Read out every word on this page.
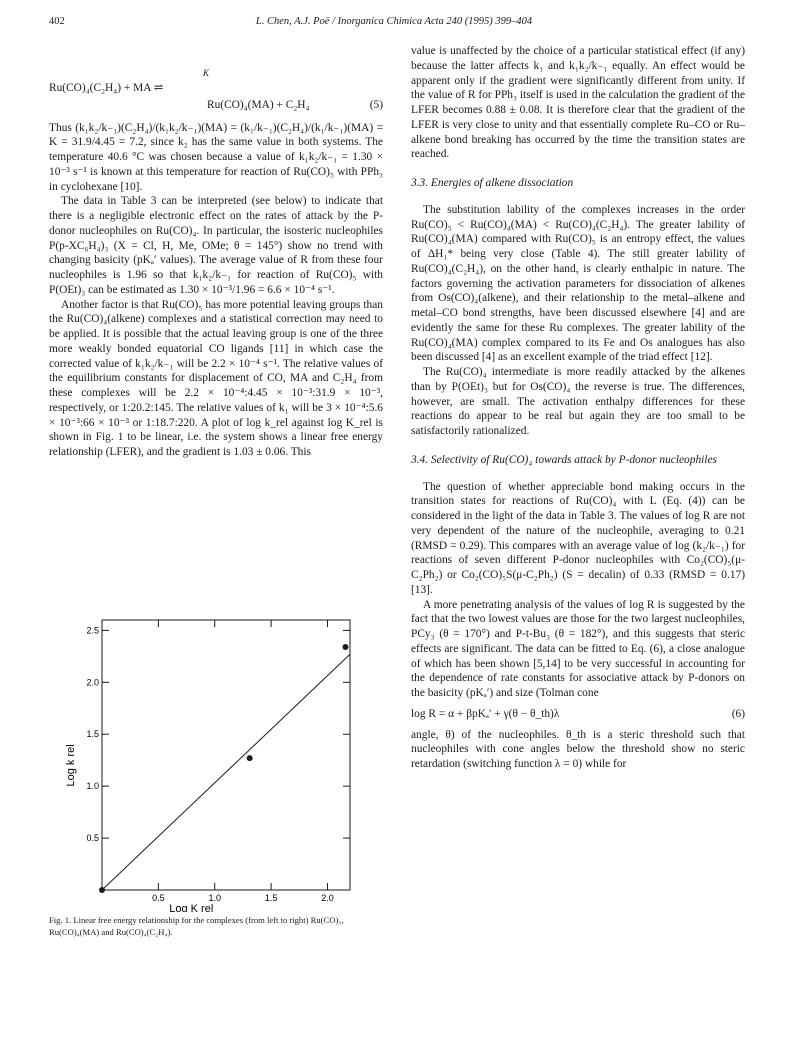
402	L. Chen, A.J. Poë / Inorganica Chimica Acta 240 (1995) 399–404
Ru(CO)₄(C₂H₄) + MA ⇌
Ru(CO)₄(MA) + C₂H₄	(5)
K

Thus (k₁k₂/k₋₁)(C₂H₄)/(k₁k₂/k₋₁)(MA) = (k₁/k₋₁)(C₂H₄)/(k₁/k₋₁)(MA) = K = 31.9/4.45 = 7.2, since k₂ has the same value in both systems. The temperature 40.6 °C was chosen because a value of k₁k₂/k₋₁ = 1.30 × 10⁻³ s⁻¹ is known at this temperature for reaction of Ru(CO)₅ with PPh₃ in cyclohexane [10].

The data in Table 3 can be interpreted (see below) to indicate that there is a negligible electronic effect on the rates of attack by the P-donor nucleophiles on Ru(CO)₄. In particular, the isosteric nucleophiles P(p-XC₆H₄)₃ (X = Cl, H, Me, OMe; θ = 145°) show no trend with changing basicity (pKₐ′ values). The average value of R from these four nucleophiles is 1.96 so that k₁k₂/k₋₁ for reaction of Ru(CO)₅ with P(OEt)₃ can be estimated as 1.30 × 10⁻³/1.96 = 6.6 × 10⁻⁴ s⁻¹.

Another factor is that Ru(CO)₅ has more potential leaving groups than the Ru(CO)₄(alkene) complexes and a statistical correction may need to be applied. It is possible that the actual leaving group is one of the three more weakly bonded equatorial CO ligands [11] in which case the corrected value of k₁k₂/k₋₁ will be 2.2 × 10⁻⁴ s⁻¹. The relative values of the equilibrium constants for displacement of CO, MA and C₂H₄ from these complexes will be 2.2 × 10⁻⁴:4.45 × 10⁻³:31.9 × 10⁻³, respectively, or 1:20.2:145. The relative values of k₁ will be 3 × 10⁻⁴:5.6 × 10⁻³:66 × 10⁻³ or 1:18.7:220. A plot of log k_rel against log K_rel is shown in Fig. 1 to be linear, i.e. the system shows a linear free energy relationship (LFER), and the gradient is 1.03 ± 0.06. This

value is unaffected by the choice of a particular statistical effect (if any) because the latter affects k₁ and k₁k₂/k₋₁ equally. An effect would be apparent only if the gradient were significantly different from unity. If the value of R for PPh₃ itself is used in the calculation the gradient of the LFER becomes 0.88 ± 0.08. It is therefore clear that the gradient of the LFER is very close to unity and that essentially complete Ru–CO or Ru–alkene bond breaking has occurred by the time the transition states are reached.

3.3. Energies of alkene dissociation

The substitution lability of the complexes increases in the order Ru(CO)₅ < Ru(CO)₄(MA) < Ru(CO)₄(C₂H₄). The greater lability of Ru(CO)₄(MA) compared with Ru(CO)₅ is an entropy effect, the values of ΔH₁* being very close (Table 4). The still greater lability of Ru(CO)₄(C₂H₄), on the other hand, is clearly enthalpic in nature. The factors governing the activation parameters for dissociation of alkenes from Os(CO)₄(alkene), and their relationship to the metal–alkene and metal–CO bond strengths, have been discussed elsewhere [4] and are evidently the same for these Ru complexes. The greater lability of the Ru(CO)₄(MA) complex compared to its Fe and Os analogues has also been discussed [4] as an excellent example of the triad effect [12].

The Ru(CO)₄ intermediate is more readily attacked by the alkenes than by P(OEt)₃ but for Os(CO)₄ the reverse is true. The differences, however, are small. The activation enthalpy differences for these reactions do appear to be real but again they are too small to be satisfactorily rationalized.

3.4. Selectivity of Ru(CO)₄ towards attack by P-donor nucleophiles

The question of whether appreciable bond making occurs in the transition states for reactions of Ru(CO)₄ with L (Eq. (4)) can be considered in the light of the data in Table 3. The values of log R are not very dependent of the nature of the nucleophile, averaging to 0.21 (RMSD = 0.29). This compares with an average value of log (k₂/k₋₁) for reactions of seven different P-donor nucleophiles with Co₂(CO)₅(μ-C₂Ph₂) or Co₂(CO)₅S(μ-C₂Ph₂) (S = decalin) of 0.33 (RMSD = 0.17) [13].

A more penetrating analysis of the values of log R is suggested by the fact that the two lowest values are those for the two largest nucleophiles, PCy₃ (θ = 170°) and P-t-Bu₃ (θ = 182°), and this suggests that steric effects are significant. The data can be fitted to Eq. (6), a close analogue of which has been shown [5,14] to be very successful in accounting for the dependence of rate constants for associative attack by P-donors on the basicity (pKₐ′) and size (Tolman cone

log R = α + βpKₐ′ + γ(θ − θ_th)λ	(6)

angle, θ) of the nucleophiles. θ_th is a steric threshold such that nucleophiles with cone angles below the threshold show no steric retardation (switching function λ = 0) while for

0.5	1.0	1.5	2.0
0.5
1.0
1.5
2.0
2.5
Log K rel
Log k rel
Fig. 1. Linear free energy relationship for the complexes (from left to right) Ru(CO)₅, Ru(CO)₄(MA) and Ru(CO)₄(C₂H₄).
